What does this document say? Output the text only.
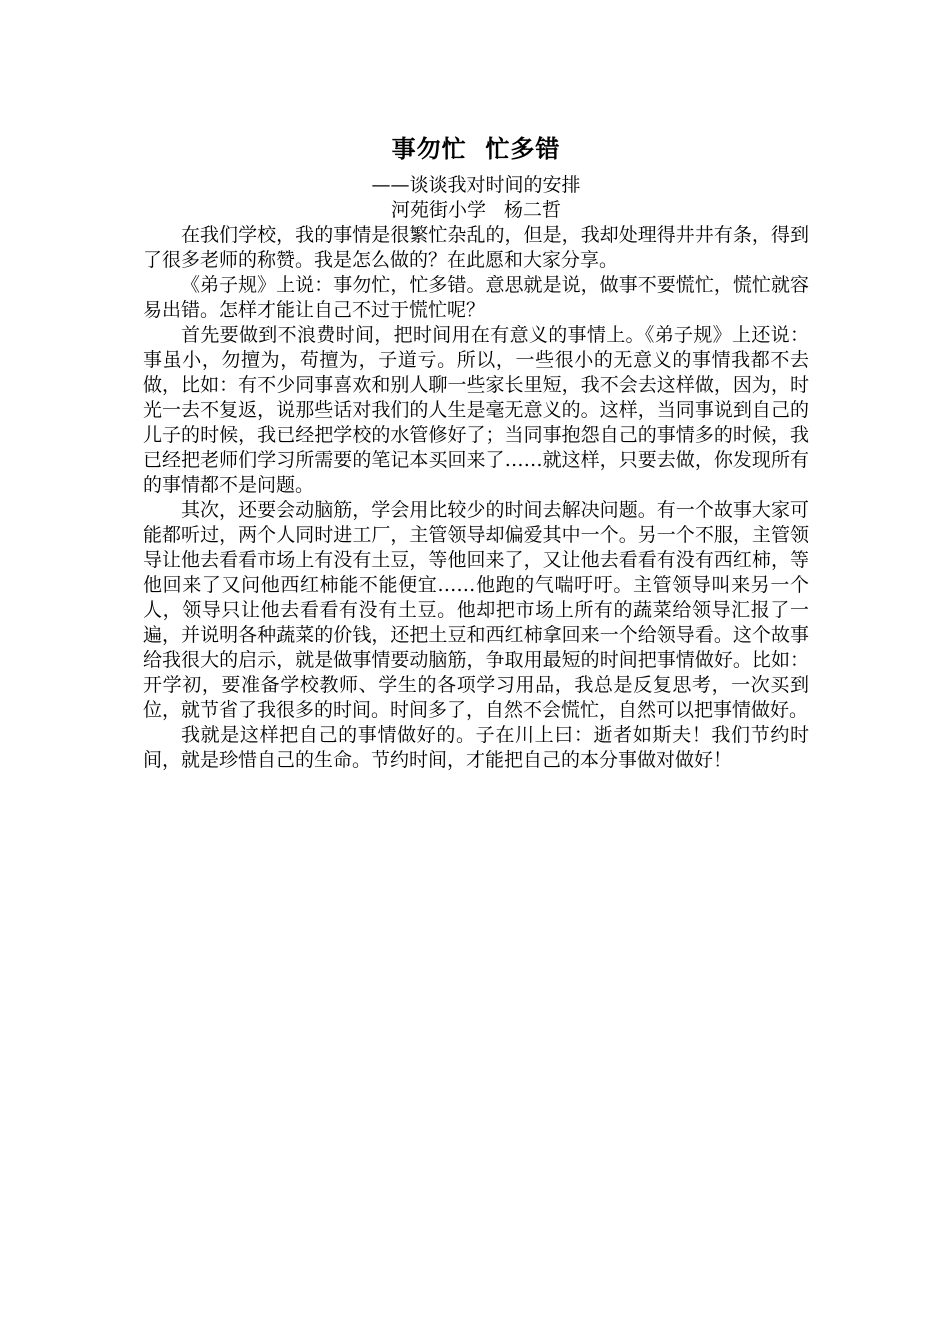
事勿忙  忙多错
——谈谈我对时间的安排
河苑街小学   杨二哲

在我们学校，我的事情是很繁忙杂乱的，但是，我却处理得井井有条，得到了很多老师的称赞。我是怎么做的？在此愿和大家分享。

《弟子规》上说：事勿忙，忙多错。意思就是说，做事不要慌忙，慌忙就容易出错。怎样才能让自己不过于慌忙呢？

首先要做到不浪费时间，把时间用在有意义的事情上。《弟子规》上还说：事虽小，勿擅为，苟擅为，子道亏。所以，一些很小的无意义的事情我都不去做，比如：有不少同事喜欢和别人聊一些家长里短，我不会去这样做，因为，时光一去不复返，说那些话对我们的人生是毫无意义的。这样，当同事说到自己的儿子的时候，我已经把学校的水管修好了；当同事抱怨自己的事情多的时候，我已经把老师们学习所需要的笔记本买回来了……就这样，只要去做，你发现所有的事情都不是问题。

其次，还要会动脑筋，学会用比较少的时间去解决问题。有一个故事大家可能都听过，两个人同时进工厂，主管领导却偏爱其中一个。另一个不服，主管领导让他去看看市场上有没有土豆，等他回来了，又让他去看看有没有西红柿，等他回来了又问他西红柿能不能便宜……他跑的气喘吁吁。主管领导叫来另一个人，领导只让他去看看有没有土豆。他却把市场上所有的蔬菜给领导汇报了一遍，并说明各种蔬菜的价钱，还把土豆和西红柿拿回来一个给领导看。这个故事给我很大的启示，就是做事情要动脑筋，争取用最短的时间把事情做好。比如：开学初，要准备学校教师、学生的各项学习用品，我总是反复思考，一次买到位，就节省了我很多的时间。时间多了，自然不会慌忙，自然可以把事情做好。

我就是这样把自己的事情做好的。子在川上曰：逝者如斯夫！我们节约时间，就是珍惜自己的生命。节约时间，才能把自己的本分事做对做好！
